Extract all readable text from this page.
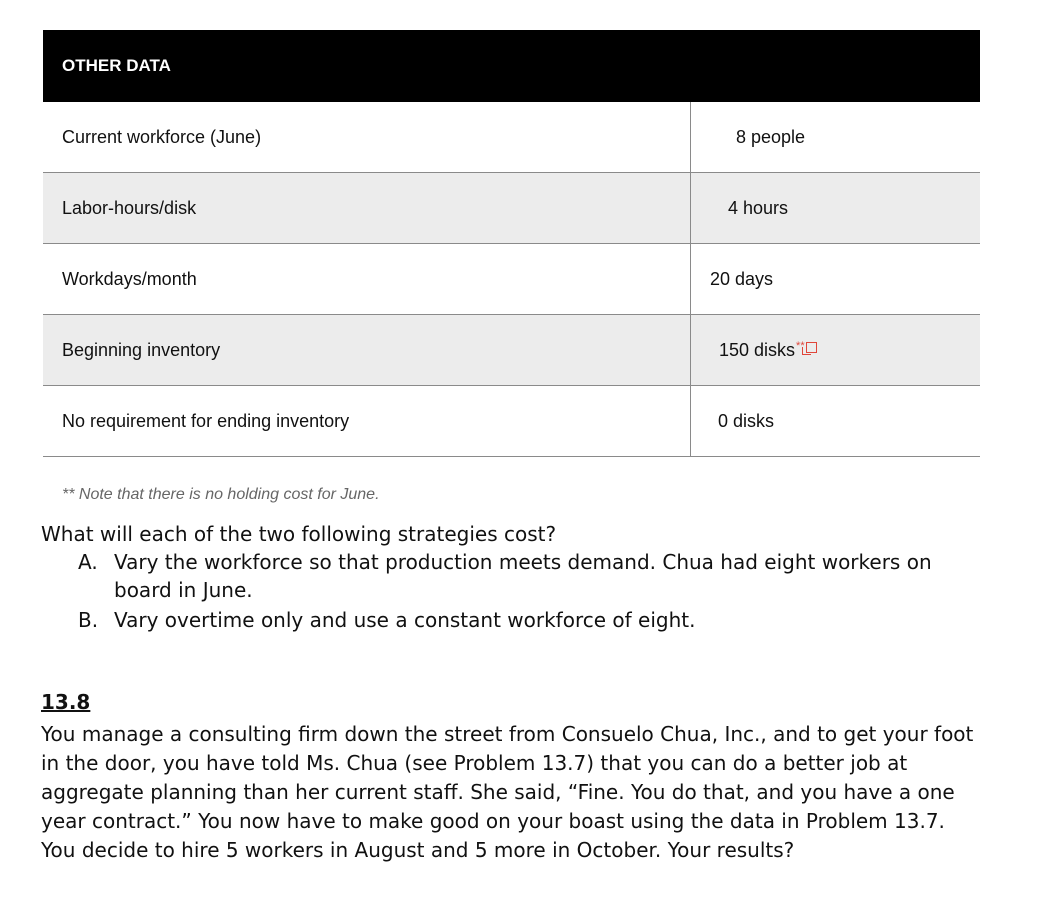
OTHER DATA	
Current workforce (June)	8 people
Labor-hours/disk	4 hours
Workdays/month	20 days
Beginning inventory	150 disks**
No requirement for ending inventory	0 disks
** Note that there is no holding cost for June.
What will each of the two following strategies cost?
A. Vary the workforce so that production meets demand. Chua had eight workers on board in June.
B. Vary overtime only and use a constant workforce of eight.
13.8
You manage a consulting firm down the street from Consuelo Chua, Inc., and to get your foot in the door, you have told Ms. Chua (see Problem 13.7) that you can do a better job at aggregate planning than her current staff. She said, “Fine. You do that, and you have a one year contract.” You now have to make good on your boast using the data in Problem 13.7. You decide to hire 5 workers in August and 5 more in October. Your results?
